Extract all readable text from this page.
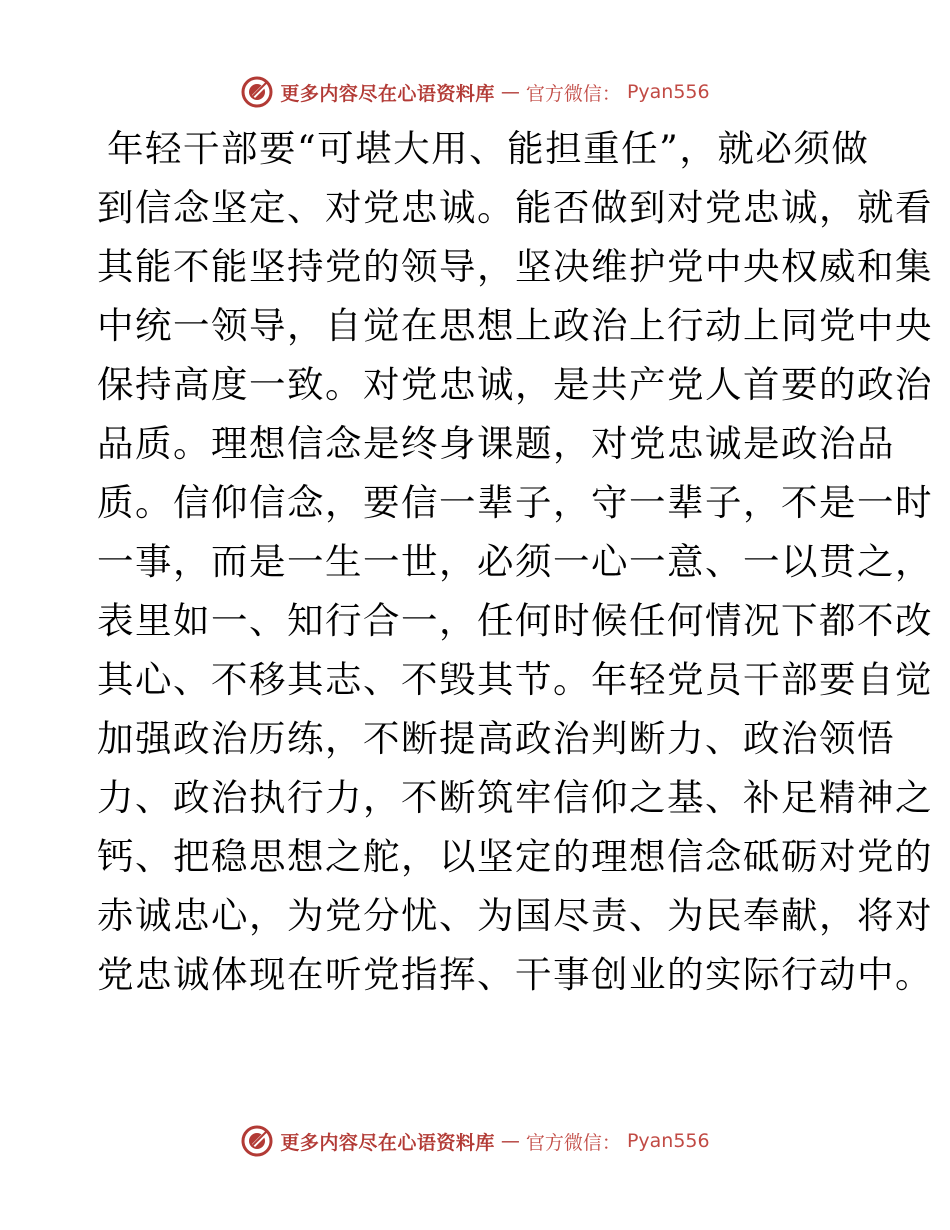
更多内容尽在心语资料库 — 官方微信： Pyan556
年轻干部要“可堪大用、能担重任”，就必须做
到信念坚定、对党忠诚。能否做到对党忠诚，就看
其能不能坚持党的领导，坚决维护党中央权威和集
中统一领导，自觉在思想上政治上行动上同党中央
保持高度一致。对党忠诚，是共产党人首要的政治
品质。理想信念是终身课题，对党忠诚是政治品
质。信仰信念，要信一辈子，守一辈子，不是一时
一事，而是一生一世，必须一心一意、一以贯之，
表里如一、知行合一，任何时候任何情况下都不改
其心、不移其志、不毁其节。年轻党员干部要自觉
加强政治历练，不断提高政治判断力、政治领悟
力、政治执行力，不断筑牢信仰之基、补足精神之
钙、把稳思想之舵，以坚定的理想信念砥砺对党的
赤诚忠心，为党分忧、为国尽责、为民奉献，将对
党忠诚体现在听党指挥、干事创业的实际行动中。
更多内容尽在心语资料库 — 官方微信： Pyan556
